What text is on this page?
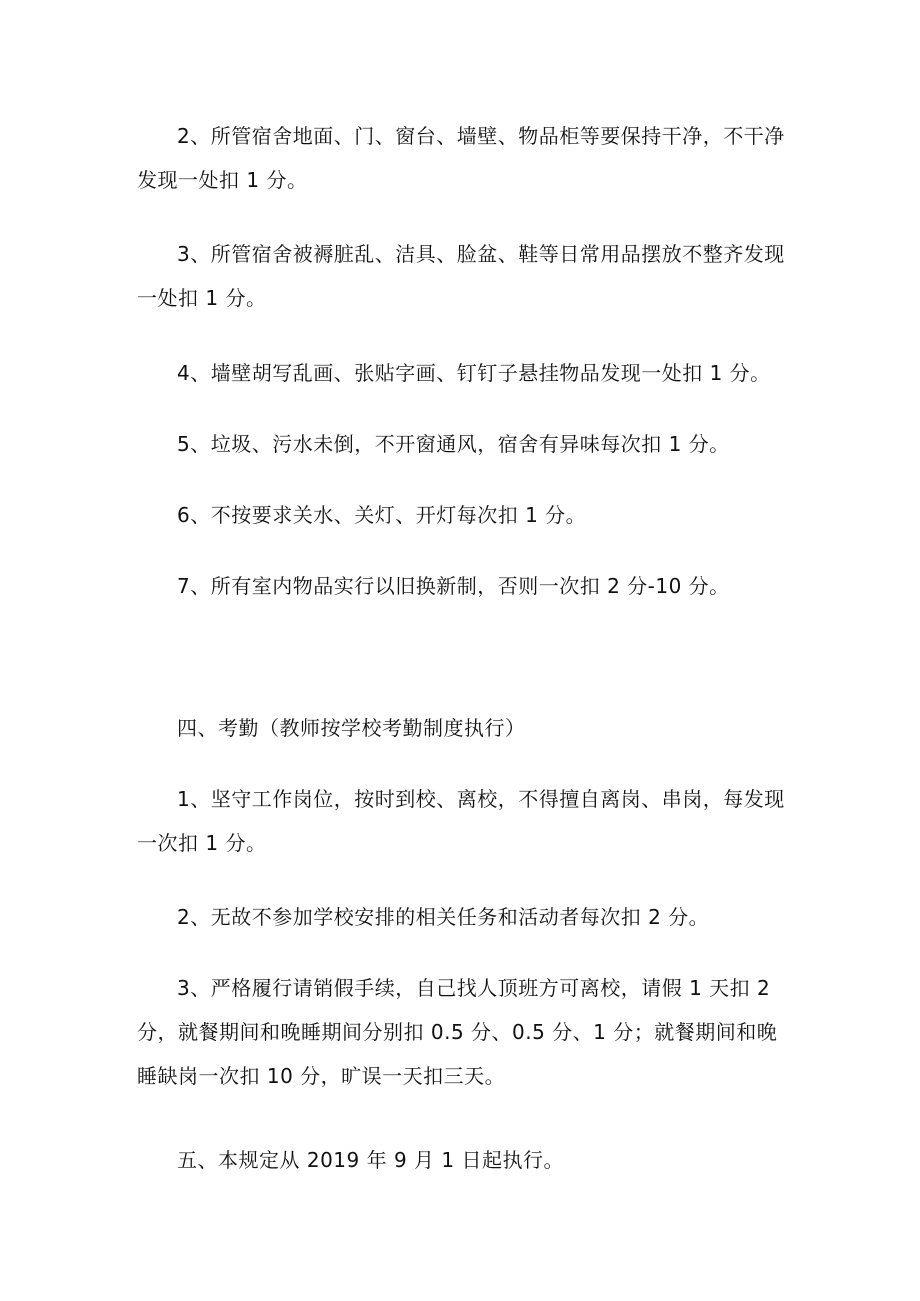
2、所管宿舍地面、门、窗台、墙壁、物品柜等要保持干净，不干净发现一处扣 1 分。

3、所管宿舍被褥脏乱、洁具、脸盆、鞋等日常用品摆放不整齐发现一处扣 1 分。

4、墙壁胡写乱画、张贴字画、钉钉子悬挂物品发现一处扣 1 分。

5、垃圾、污水未倒，不开窗通风，宿舍有异味每次扣 1 分。

6、不按要求关水、关灯、开灯每次扣 1 分。

7、所有室内物品实行以旧换新制，否则一次扣 2 分-10 分。

四、考勤（教师按学校考勤制度执行）

1、坚守工作岗位，按时到校、离校，不得擅自离岗、串岗，每发现一次扣 1 分。

2、无故不参加学校安排的相关任务和活动者每次扣 2 分。

3、严格履行请销假手续，自己找人顶班方可离校，请假 1 天扣 2 分，就餐期间和晚睡期间分别扣 0.5 分、0.5 分、1 分；就餐期间和晚睡缺岗一次扣 10 分，旷误一天扣三天。

五、本规定从 2019 年 9 月 1 日起执行。
